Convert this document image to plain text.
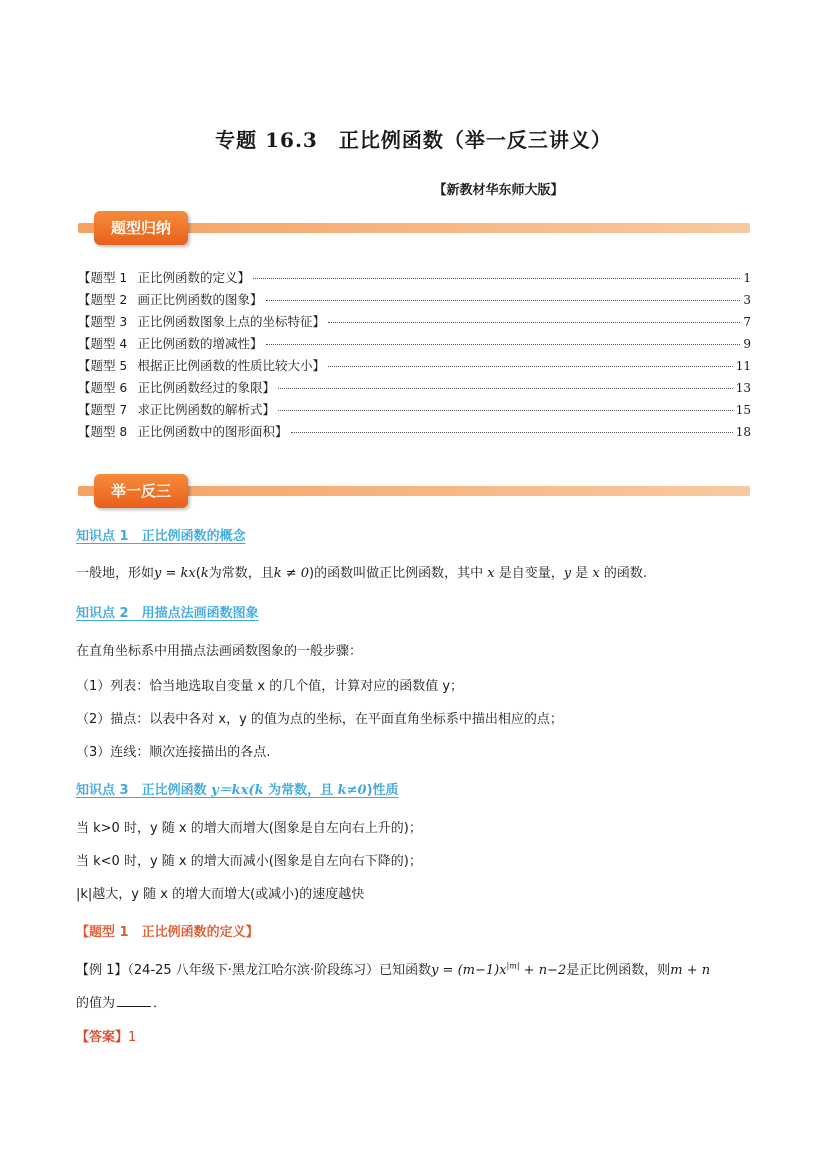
专题 16.3　正比例函数（举一反三讲义）
【新教材华东师大版】
题型归纳
【题型 1 正比例函数的定义】	1
【题型 2 画正比例函数的图象】	3
【题型 3 正比例函数图象上点的坐标特征】	7
【题型 4 正比例函数的增减性】	9
【题型 5 根据正比例函数的性质比较大小】	11
【题型 6 正比例函数经过的象限】	13
【题型 7 求正比例函数的解析式】	15
【题型 8 正比例函数中的图形面积】	18
举一反三
知识点 1　正比例函数的概念
一般地，形如y = kx(k为常数，且k ≠ 0)的函数叫做正比例函数，其中 x 是自变量，y 是 x 的函数.
知识点 2　用描点法画函数图象
在直角坐标系中用描点法画函数图象的一般步骤：
（1）列表：恰当地选取自变量 x 的几个值，计算对应的函数值 y；
（2）描点：以表中各对 x，y 的值为点的坐标，在平面直角坐标系中描出相应的点；
（3）连线：顺次连接描出的各点.
知识点 3　正比例函数 y＝kx(k 为常数，且 k≠0)性质
当 k>0 时，y 随 x 的增大而增大(图象是自左向右上升的)；
当 k<0 时，y 随 x 的增大而减小(图象是自左向右下降的)；
|k|越大，y 随 x 的增大而增大(或减小)的速度越快
【题型 1　正比例函数的定义】
【例 1】（24-25 八年级下·黑龙江哈尔滨·阶段练习）已知函数$y = (m-1)x^{|m|} + n-2$是正比例函数，则m + n
的值为	．
【答案】1
